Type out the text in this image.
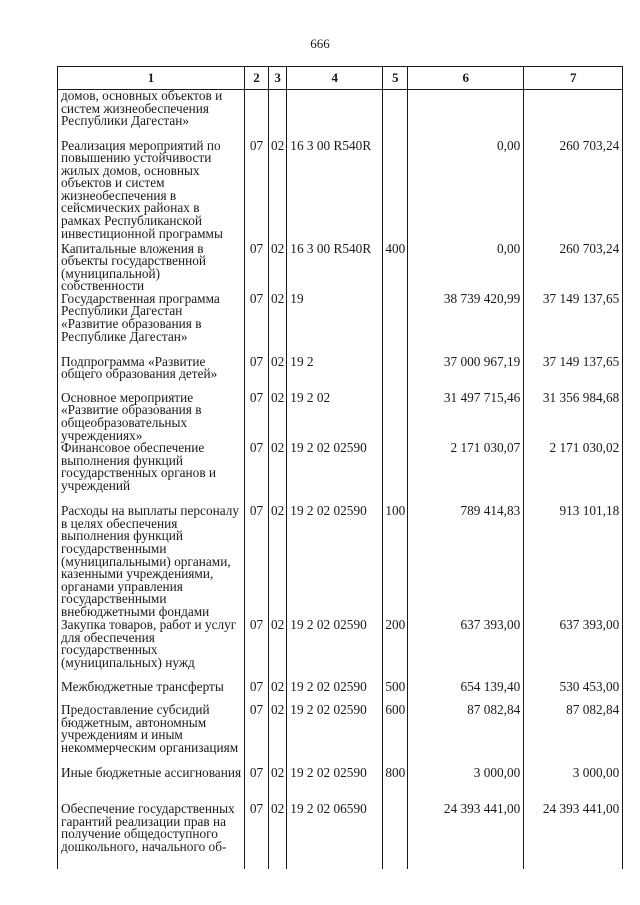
666
1	2	3	4	5	6	7
домов, основных объектов и систем жизнеобеспечения Республики Дагестан»						
Реализация мероприятий по повышению устойчивости жилых домов, основных объектов и систем жизнеобеспечения в сейсмических районах в рамках Республиканской инвестиционной программы	07	02	16 3 00 R540R		0,00	260 703,24
Капитальные вложения в объекты государственной (муниципальной) собственности	07	02	16 3 00 R540R	400	0,00	260 703,24
Государственная программа Республики Дагестан «Развитие образования в Республике Дагестан»	07	02	19		38 739 420,99	37 149 137,65
Подпрограмма «Развитие общего образования детей»	07	02	19 2		37 000 967,19	37 149 137,65
Основное мероприятие «Развитие образования в общеобразовательных учреждениях»	07	02	19 2 02		31 497 715,46	31 356 984,68
Финансовое обеспечение выполнения функций государственных органов и учреждений	07	02	19 2 02 02590		2 171 030,07	2 171 030,02
Расходы на выплаты персоналу в целях обеспечения выполнения функций государственными (муниципальными) органами, казенными учреждениями, органами управления государственными внебюджетными фондами	07	02	19 2 02 02590	100	789 414,83	913 101,18
Закупка товаров, работ и услуг для обеспечения государственных (муниципальных) нужд	07	02	19 2 02 02590	200	637 393,00	637 393,00
Межбюджетные трансферты	07	02	19 2 02 02590	500	654 139,40	530 453,00
Предоставление субсидий бюджетным, автономным учреждениям и иным некоммерческим организациям	07	02	19 2 02 02590	600	87 082,84	87 082,84
Иные бюджетные ассигнования	07	02	19 2 02 02590	800	3 000,00	3 000,00
Обеспечение государственных гарантий реализации прав на получение общедоступного дошкольного, начального об-	07	02	19 2 02 06590		24 393 441,00	24 393 441,00
